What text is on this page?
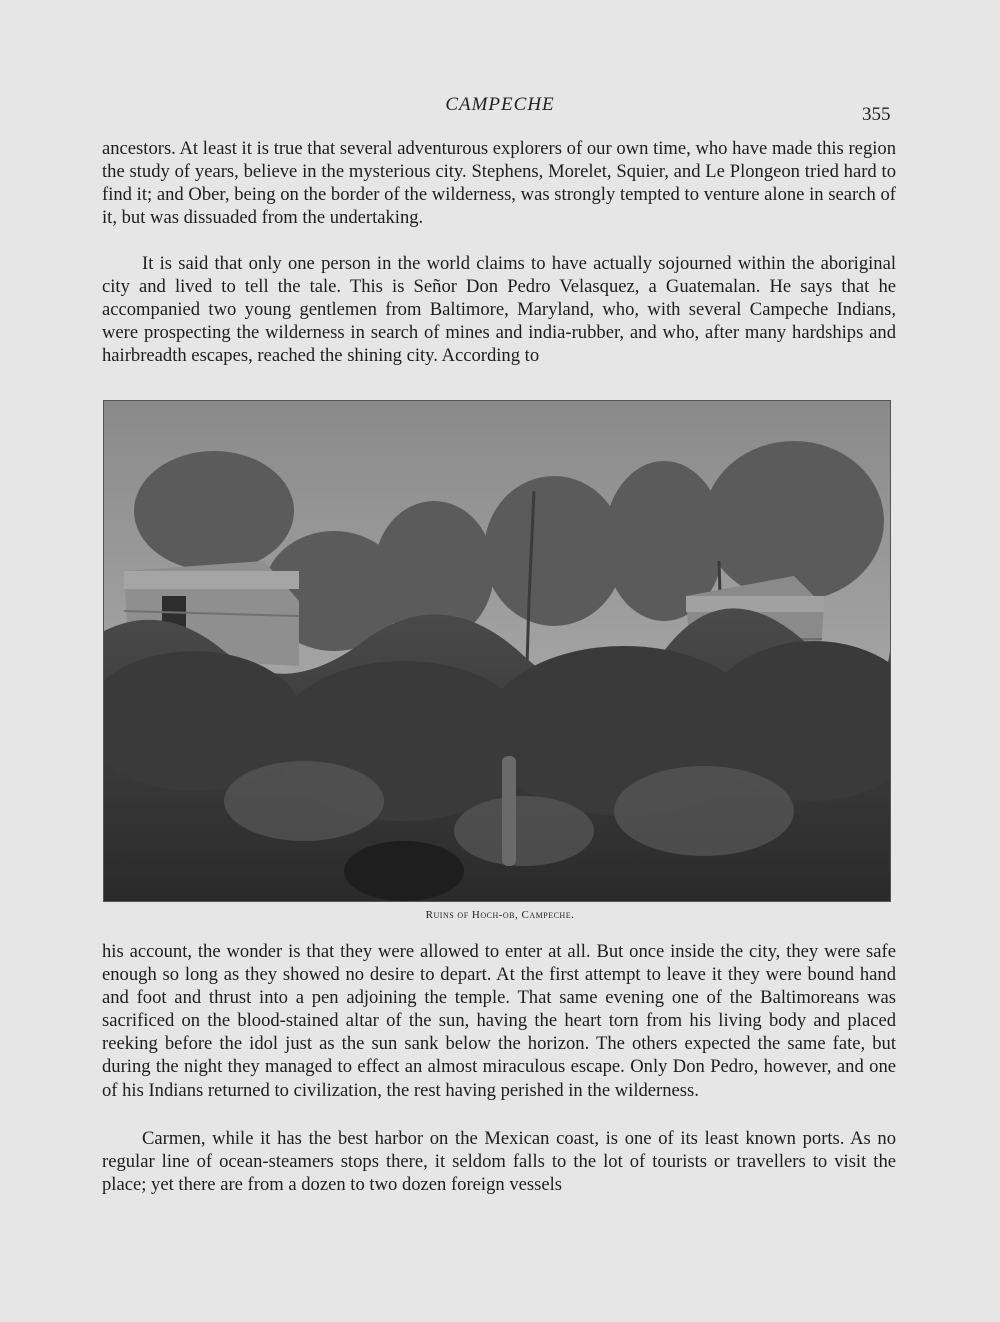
CAMPECHE	355

ancestors. At least it is true that several adventurous explorers of our own time, who have made this region the study of years, believe in the mysterious city. Stephens, Morelet, Squier, and Le Plongeon tried hard to find it; and Ober, being on the border of the wilderness, was strongly tempted to venture alone in search of it, but was dissuaded from the undertaking.

It is said that only one person in the world claims to have actually sojourned within the aboriginal city and lived to tell the tale. This is Señor Don Pedro Velasquez, a Guatemalan. He says that he accompanied two young gentlemen from Baltimore, Maryland, who, with several Campeche Indians, were prospecting the wilderness in search of mines and india-rubber, and who, after many hardships and hairbreadth escapes, reached the shining city. According to

Ruins of Hoch-ob, Campeche.

his account, the wonder is that they were allowed to enter at all. But once inside the city, they were safe enough so long as they showed no desire to depart. At the first attempt to leave it they were bound hand and foot and thrust into a pen adjoining the temple. That same evening one of the Baltimoreans was sacrificed on the blood-stained altar of the sun, having the heart torn from his living body and placed reeking before the idol just as the sun sank below the horizon. The others expected the same fate, but during the night they managed to effect an almost miraculous escape. Only Don Pedro, however, and one of his Indians returned to civilization, the rest having perished in the wilderness.

Carmen, while it has the best harbor on the Mexican coast, is one of its least known ports. As no regular line of ocean-steamers stops there, it seldom falls to the lot of tourists or travellers to visit the place; yet there are from a dozen to two dozen foreign vessels
